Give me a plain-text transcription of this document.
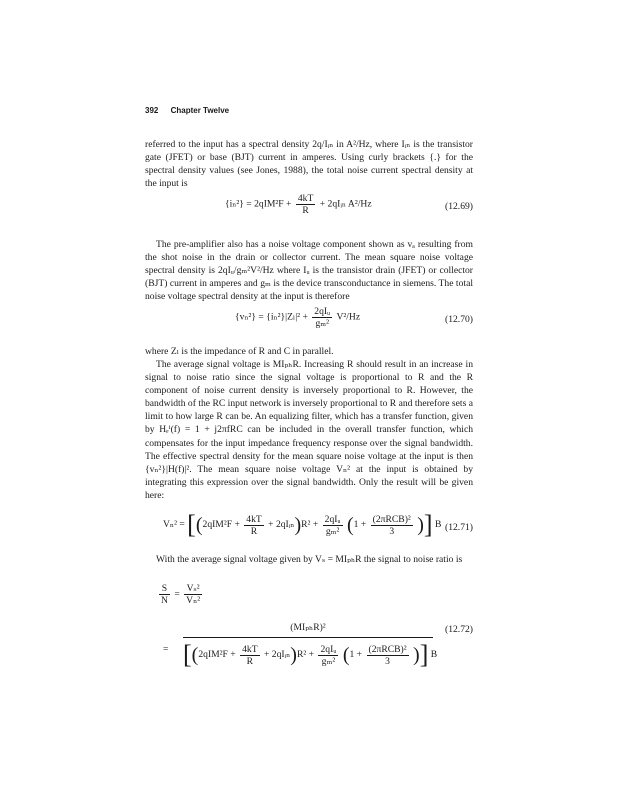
392 Chapter Twelve

referred to the input has a spectral density 2q/Iᵢₙ in A²/Hz, where Iᵢₙ is the transistor gate (JFET) or base (BJT) current in amperes. Using curly brackets {.} for the spectral density values (see Jones, 1988), the total noise current spectral density at the input is

$\{i_n^2\} = 2qIM^2F + \frac{4kT}{R}$ + 2qIᵢₙ A²/Hz	(12.69)

The pre-amplifier also has a noise voltage component shown as vₐ resulting from the shot noise in the drain or collector current. The mean square noise voltage spectral density is 2qIᵤ/gₘ²V²/Hz where Iᵤ is the transistor drain (JFET) or collector (BJT) current in amperes and gₘ is the device transconductance in siemens. The total noise voltage spectral density at the input is therefore

$\{v_n^2\} = \{i_n^2\}|Z_l|^2 + \frac{\text{2qIᵤ}}{\text{gₘ²}} V^2/Hz$	(12.70)

where Zₗ is the impedance of R and C in parallel.

The average signal voltage is MIₚₕR. Increasing R should result in an increase in signal to noise ratio since the signal voltage is proportional to R and the R component of noise current density is inversely proportional to R. However, the bandwidth of the RC input network is inversely proportional to R and therefore sets a limit to how large R can be. An equalizing filter, which has a transfer function, given by Hₑⁱ(f) = 1 + j2πfRC can be included in the overall transfer function, which compensates for the input impedance frequency response over the signal bandwidth. The effective spectral density for the mean square noise voltage at the input is then {vₙ²}|H(f)|². The mean square noise voltage Vₙ² at the input is obtained by integrating this expression over the signal bandwidth. Only the result will be given here:

$V_n^2 = [(2qIM^2F + \frac{4kT}{R}$ + 2qIᵢₙ)R² + $\frac{\text{2qIᵤ}}{\text{gₘ²}} (1 + \frac{\text{(2πRCB)²}}{3}$ )] B (12.71)

With the average signal voltage given by Vₛ = MIₚₕR the signal to noise ratio is

$\frac{S}{N} = \frac{\text{Vₛ²}}{\text{Vₙ²}}$
=
(12.72)
(MIₚₕR)²
[($2qIM^2F + \frac{4kT}{R}$ + 2qIᵢₙ)R² + $\frac{\text{2qIᵤ}}{\text{gₘ²}} (1 + \frac{\text{(2πRCB)²}}{3}$ )] B
